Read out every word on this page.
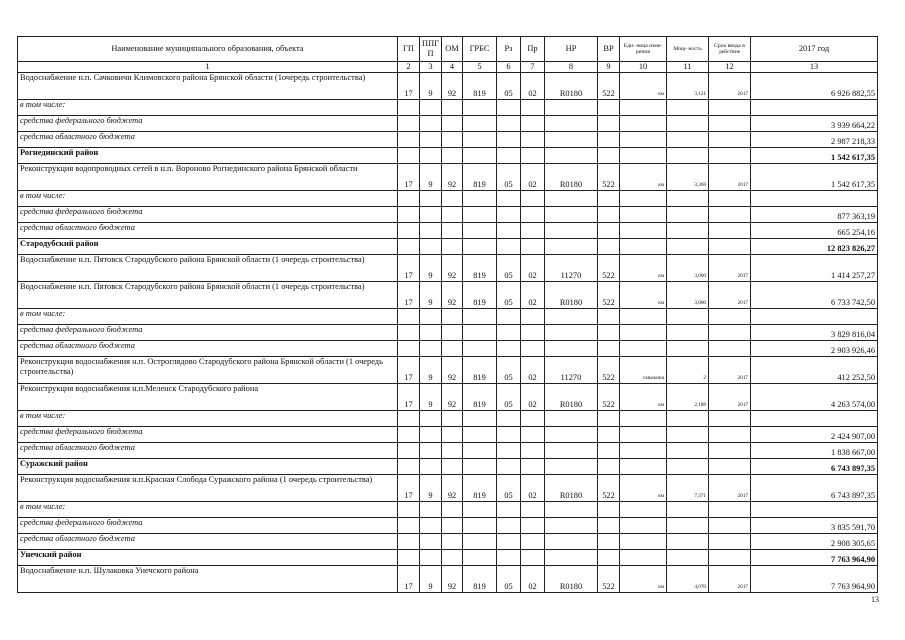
Наименование муниципального образования, объекта	ГП	ППГП	ОМ	ГРБС	Рз	Пр	НР	ВР	Еди- ница изме- рения	Мощ- ность	Срок ввода в действие	2017 год
1	2	3	4	5	6	7	8	9	10	11	12	13
Водоснабжение н.п. Сачковичи Климовского района Брянской области (1очередь строительства)	17	9	92	819	05	02	R0180	522	км	3,121	2017	6 926 882,55
в том числе:												
средства федерального бюджета												3 939 664,22
средства областного бюджета												2 987 218,33
Рогнединский район												1 542 617,35
Реконструкция водопроводных сетей в н.п. Вороново Рогнединского района Брянской области	17	9	92	819	05	02	R0180	522	км	3,368	2017	1 542 617,35
в том числе:												
средства федерального бюджета												877 363,19
средства областного бюджета												665 254,16
Стародубский район												12 823 826,27
Водоснабжение н.п. Пятовск Стародубского района Брянской области (1 очередь строительства)	17	9	92	819	05	02	11270	522	км	3,000	2017	1 414 257,27
Водоснабжение н.п. Пятовск Стародубского района Брянской области (1 очередь строительства)	17	9	92	819	05	02	R0180	522	км	3,000	2017	6 733 742,50
в том числе:												
средства федерального бюджета												3 829 816,04
средства областного бюджета												2 903 926,46
Реконструкция водоснабжения н.п. Остроглядово Стародубского района Брянской области (1 очередь строительства)	17	9	92	819	05	02	11270	522	скважина	2	2017	412 252,50
Реконструкция водоснабжения н.п.Меленск Стародубского района	17	9	92	819	05	02	R0180	522	км	2,188	2017	4 263 574,00
в том числе:												
средства федерального бюджета												2 424 907,00
средства областного бюджета												1 838 667,00
Суражский район												6 743 897,35
Реконструкция водоснабжения н.п.Красная Слобода Суражского района (1 очередь строительства)	17	9	92	819	05	02	R0180	522	км	7,371	2017	6 743 897,35
в том числе:												
средства федерального бюджета												3 835 591,70
средства областного бюджета												2 908 305,65
Унечский район												7 763 964,90
Водоснабжение н.п. Шулаковка Унечского района	17	9	92	819	05	02	R0180	522	км	4,070	2017	7 763 964,90
13
